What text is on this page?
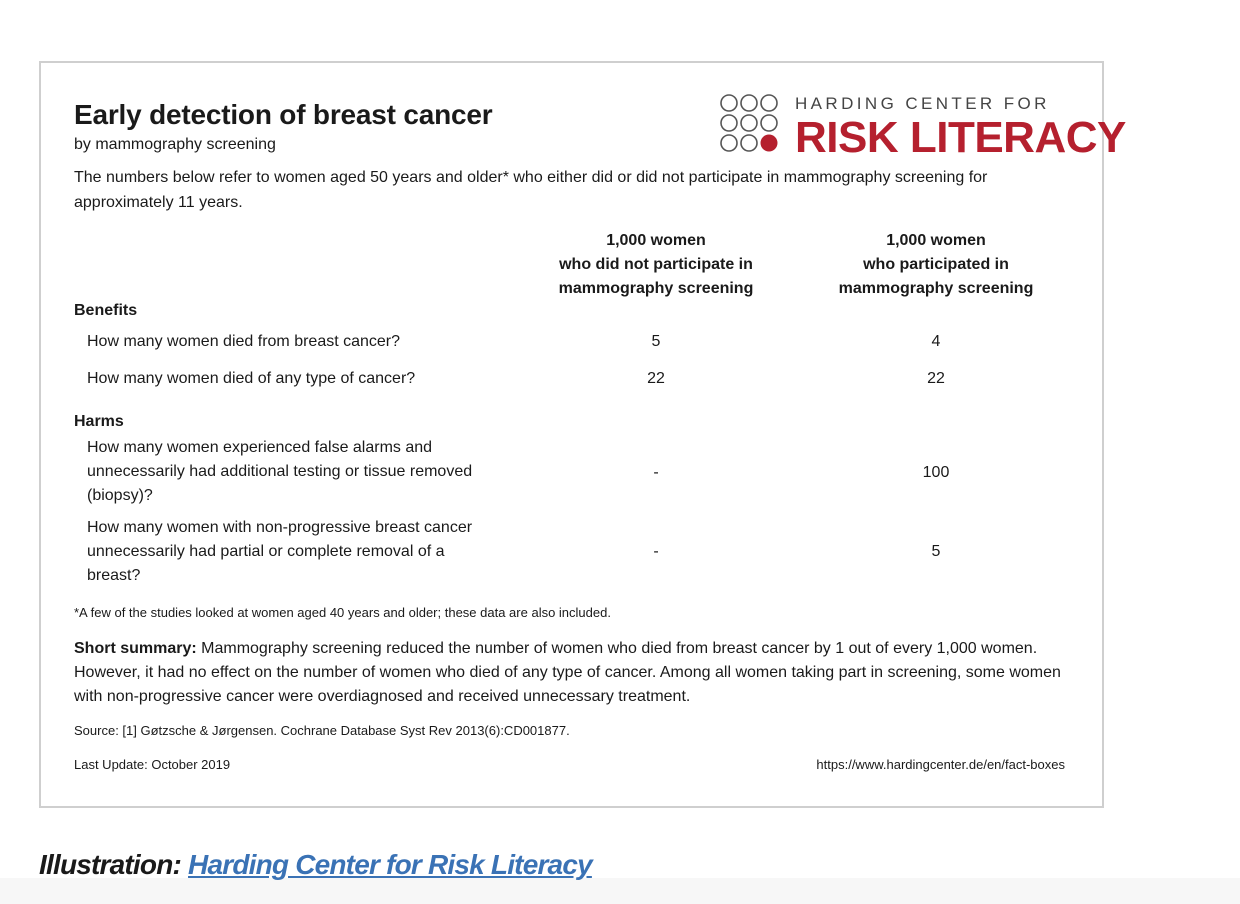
Early detection of breast cancer

by mammography screening

HARDING CENTER FOR
RISK LITERACY

The numbers below refer to women aged 50 years and older* who either did or did not participate in mammography screening for approximately 11 years.

1,000 women
who did not participate in
mammography screening
1,000 women
who participated in
mammography screening
Benefits
How many women died from breast cancer?	5	4
How many women died of any type of cancer?	22	22
Harms
How many women experienced false alarms and unnecessarily had additional testing or tissue removed (biopsy)?
-	100
How many women with non-progressive breast cancer unnecessarily had partial or complete removal of a breast?
-	5

*A few of the studies looked at women aged 40 years and older; these data are also included.

Short summary: Mammography screening reduced the number of women who died from breast cancer by 1 out of every 1,000 women. However, it had no effect on the number of women who died of any type of cancer. Among all women taking part in screening, some women with non-progressive cancer were overdiagnosed and received unnecessary treatment.

Source: [1] Gøtzsche & Jørgensen. Cochrane Database Syst Rev 2013(6):CD001877.

Last Update: October 2019	https://www.hardingcenter.de/en/fact-boxes

Illustration: Harding Center for Risk Literacy
